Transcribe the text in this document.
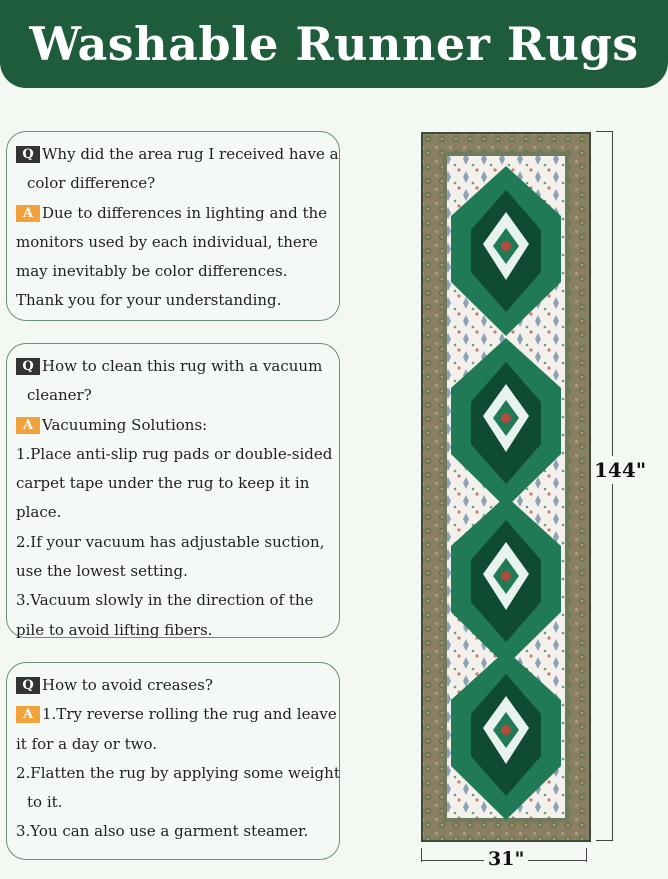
Washable Runner Rugs
Q Why did the area rug I received have a
color difference?
A Due to differences in lighting and the
monitors used by each individual, there
may inevitably be color differences.
Thank you for your understanding.
Q How to clean this rug with a vacuum
cleaner?
A Vacuuming Solutions:
1.Place anti-slip rug pads or double-sided
carpet tape under the rug to keep it in
place.
2.If your vacuum has adjustable suction,
use the lowest setting.
3.Vacuum slowly in the direction of the
pile to avoid lifting fibers.
Q How to avoid creases?
A 1.Try reverse rolling the rug and leave
it for a day or two.
2.Flatten the rug by applying some weight
to it.
3.You can also use a garment steamer.
144"
31"
